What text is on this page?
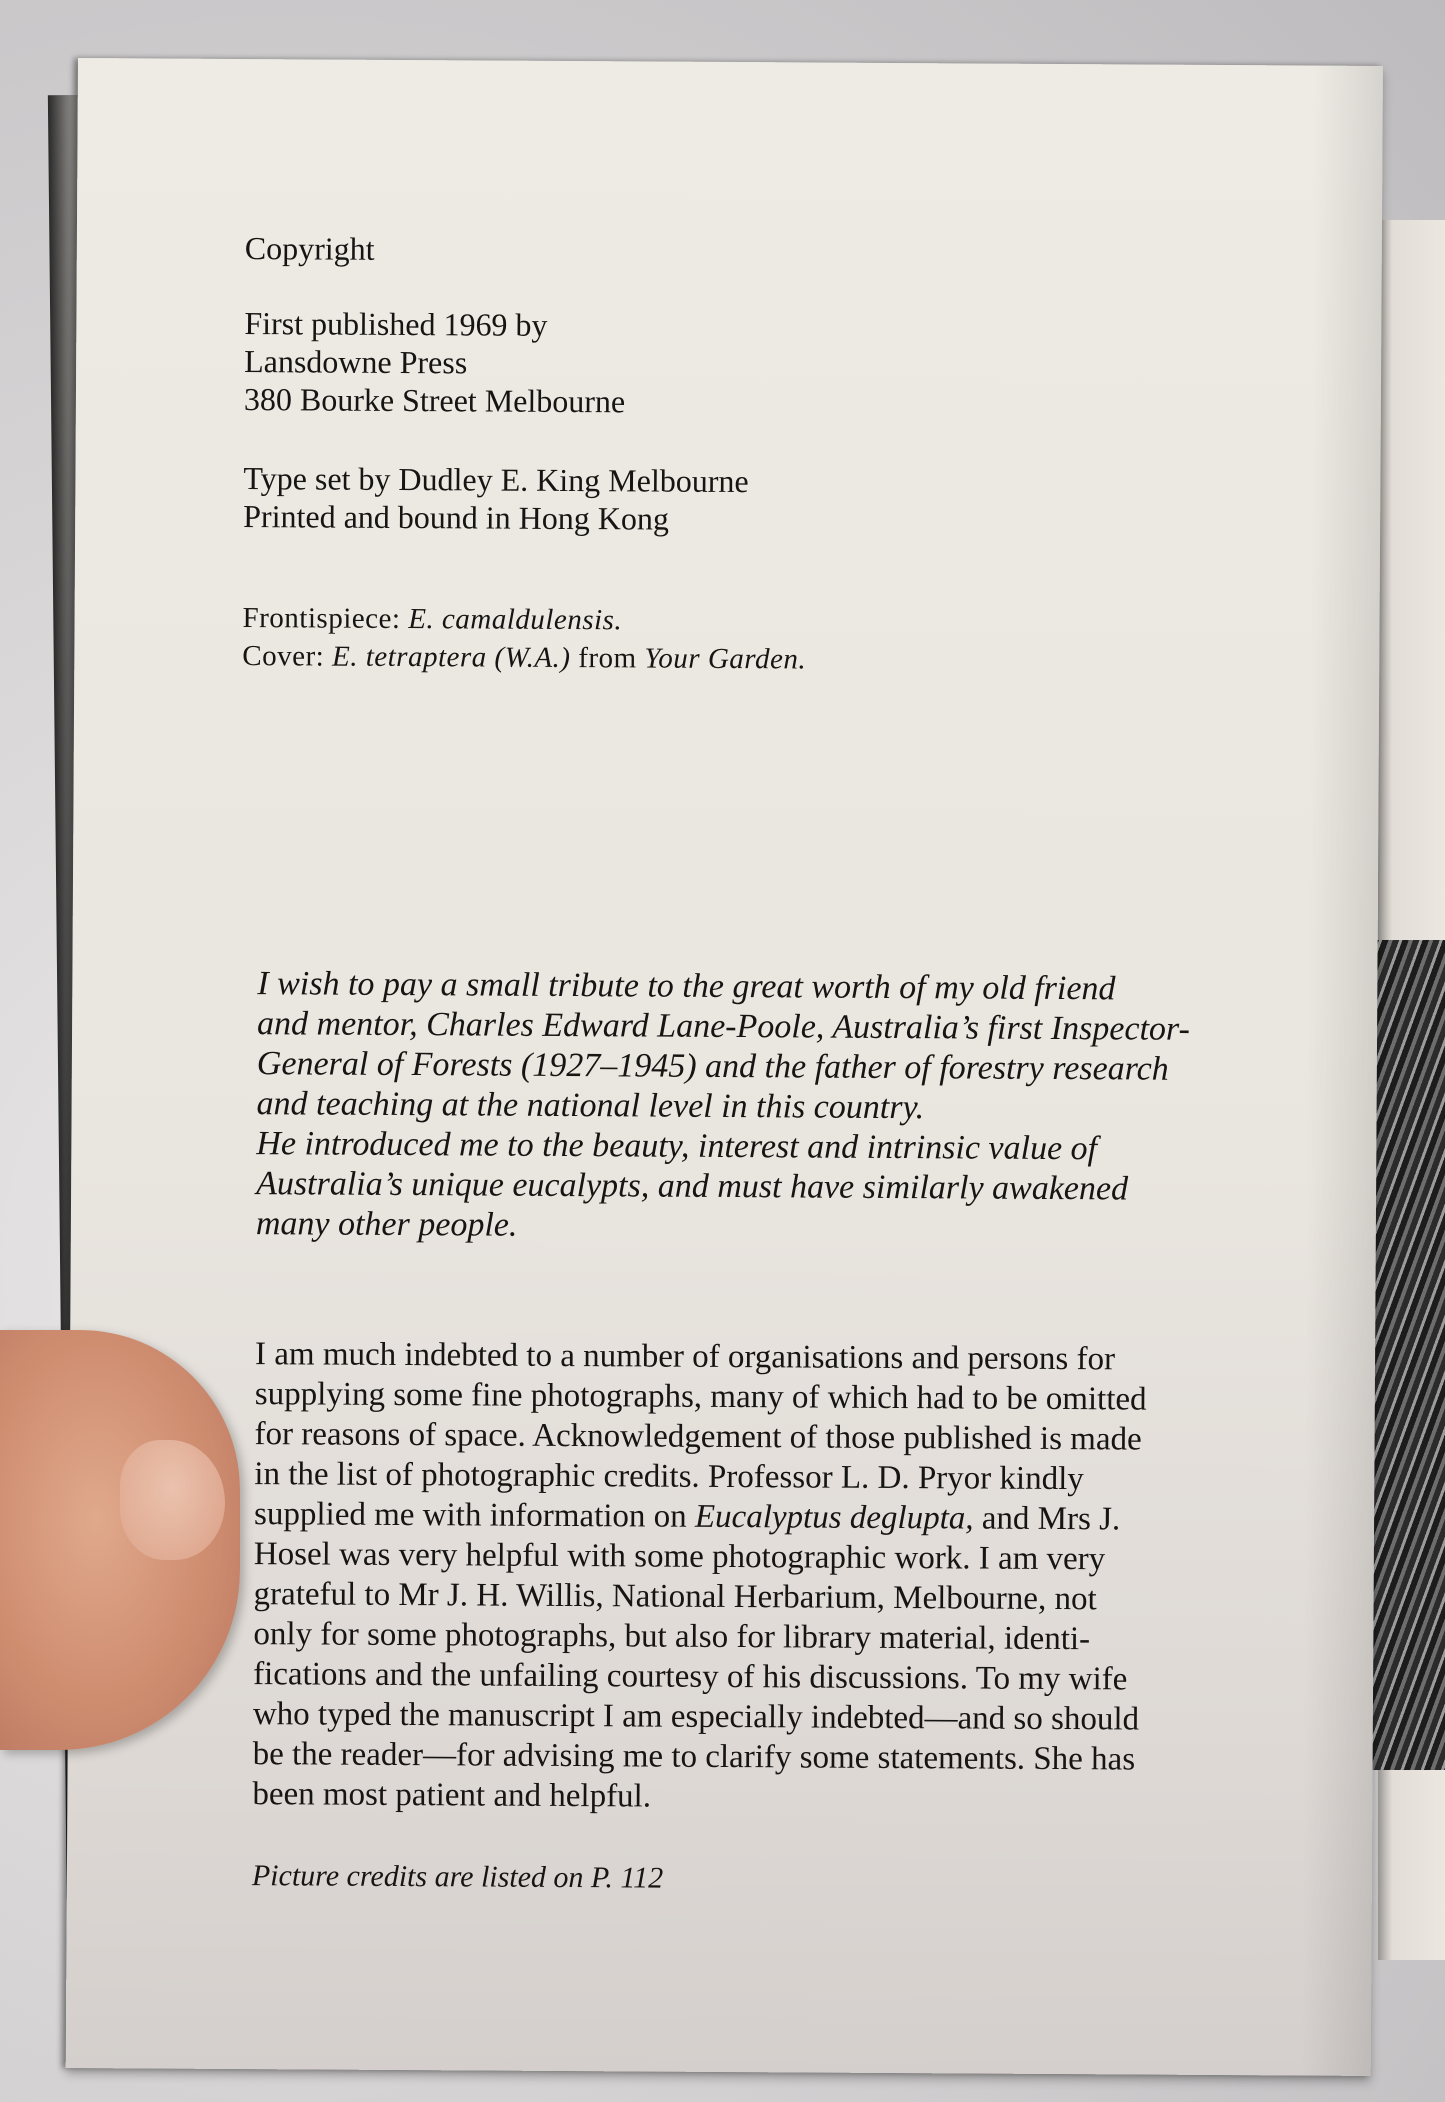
Copyright

First published 1969 by

Lansdowne Press

380 Bourke Street Melbourne

Type set by Dudley E. King Melbourne

Printed and bound in Hong Kong

Frontispiece: E. camaldulensis.

Cover: E. tetraptera (W.A.) from Your Garden.

I wish to pay a small tribute to the great worth of my old friend

and mentor, Charles Edward Lane-Poole, Australia’s first Inspector-

General of Forests (1927–1945) and the father of forestry research

and teaching at the national level in this country.

He introduced me to the beauty, interest and intrinsic value of

Australia’s unique eucalypts, and must have similarly awakened

many other people.

I am much indebted to a number of organisations and persons for
supplying some fine photographs, many of which had to be omitted
for reasons of space. Acknowledgement of those published is made
in the list of photographic credits. Professor L. D. Pryor kindly
supplied me with information on Eucalyptus deglupta, and Mrs J.
Hosel was very helpful with some photographic work. I am very
grateful to Mr J. H. Willis, National Herbarium, Melbourne, not
only for some photographs, but also for library material, identi-
fications and the unfailing courtesy of his discussions. To my wife
who typed the manuscript I am especially indebted—and so should
be the reader—for advising me to clarify some statements. She has
been most patient and helpful.
Picture credits are listed on P. 112
